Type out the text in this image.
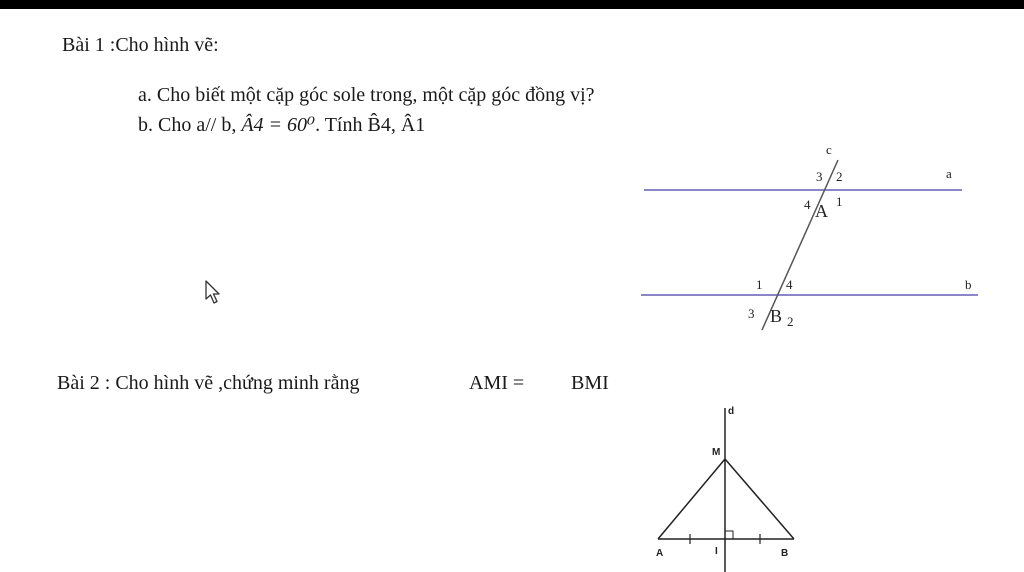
Bài 1 :Cho hình vẽ:
a. Cho biết một cặp góc sole trong, một cặp góc đồng vị?
b. Cho a// b, Â4 = 60⁰. Tính B̂4, Â1
c
a
b
3 2
4 A 1
1 4
3 B 2
Bài 2 : Cho hình vẽ ,chứng minh rằng	AMI = BMI
d
M
A	I	B
